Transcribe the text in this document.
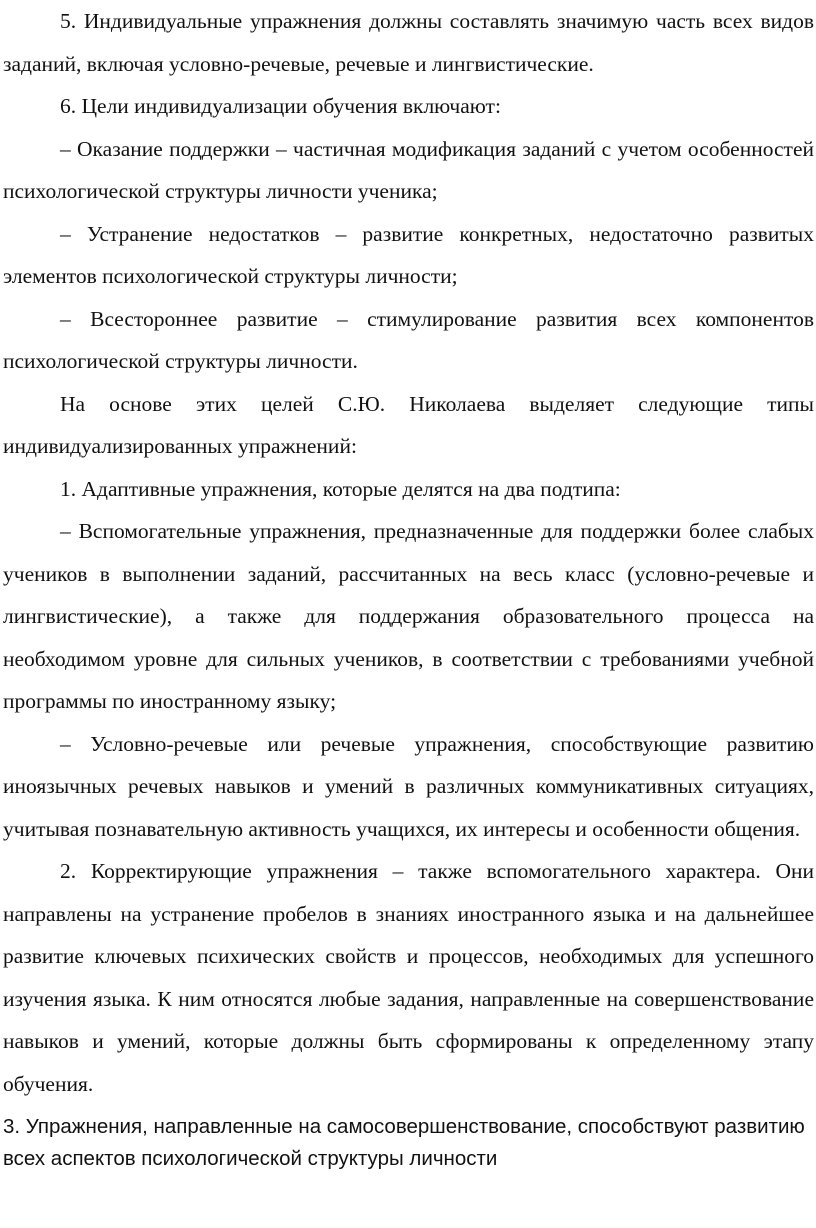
5. Индивидуальные упражнения должны составлять значимую часть всех видов заданий, включая условно-речевые, речевые и лингвистические.

6. Цели индивидуализации обучения включают:

– Оказание поддержки – частичная модификация заданий с учетом особенностей психологической структуры личности ученика;

– Устранение недостатков – развитие конкретных, недостаточно развитых элементов психологической структуры личности;

– Всестороннее развитие – стимулирование развития всех компонентов психологической структуры личности.

На основе этих целей С.Ю. Николаева выделяет следующие типы индивидуализированных упражнений:

1. Адаптивные упражнения, которые делятся на два подтипа:

– Вспомогательные упражнения, предназначенные для поддержки более слабых учеников в выполнении заданий, рассчитанных на весь класс (условно-речевые и лингвистические), а также для поддержания образовательного процесса на необходимом уровне для сильных учеников, в соответствии с требованиями учебной программы по иностранному языку;

– Условно-речевые или речевые упражнения, способствующие развитию иноязычных речевых навыков и умений в различных коммуникативных ситуациях, учитывая познавательную активность учащихся, их интересы и особенности общения.

2. Корректирующие упражнения – также вспомогательного характера. Они направлены на устранение пробелов в знаниях иностранного языка и на дальнейшее развитие ключевых психических свойств и процессов, необходимых для успешного изучения языка. К ним относятся любые задания, направленные на совершенствование навыков и умений, которые должны быть сформированы к определенному этапу обучения.

3. Упражнения, направленные на самосовершенствование, способствуют развитию всех аспектов психологической структуры личности
